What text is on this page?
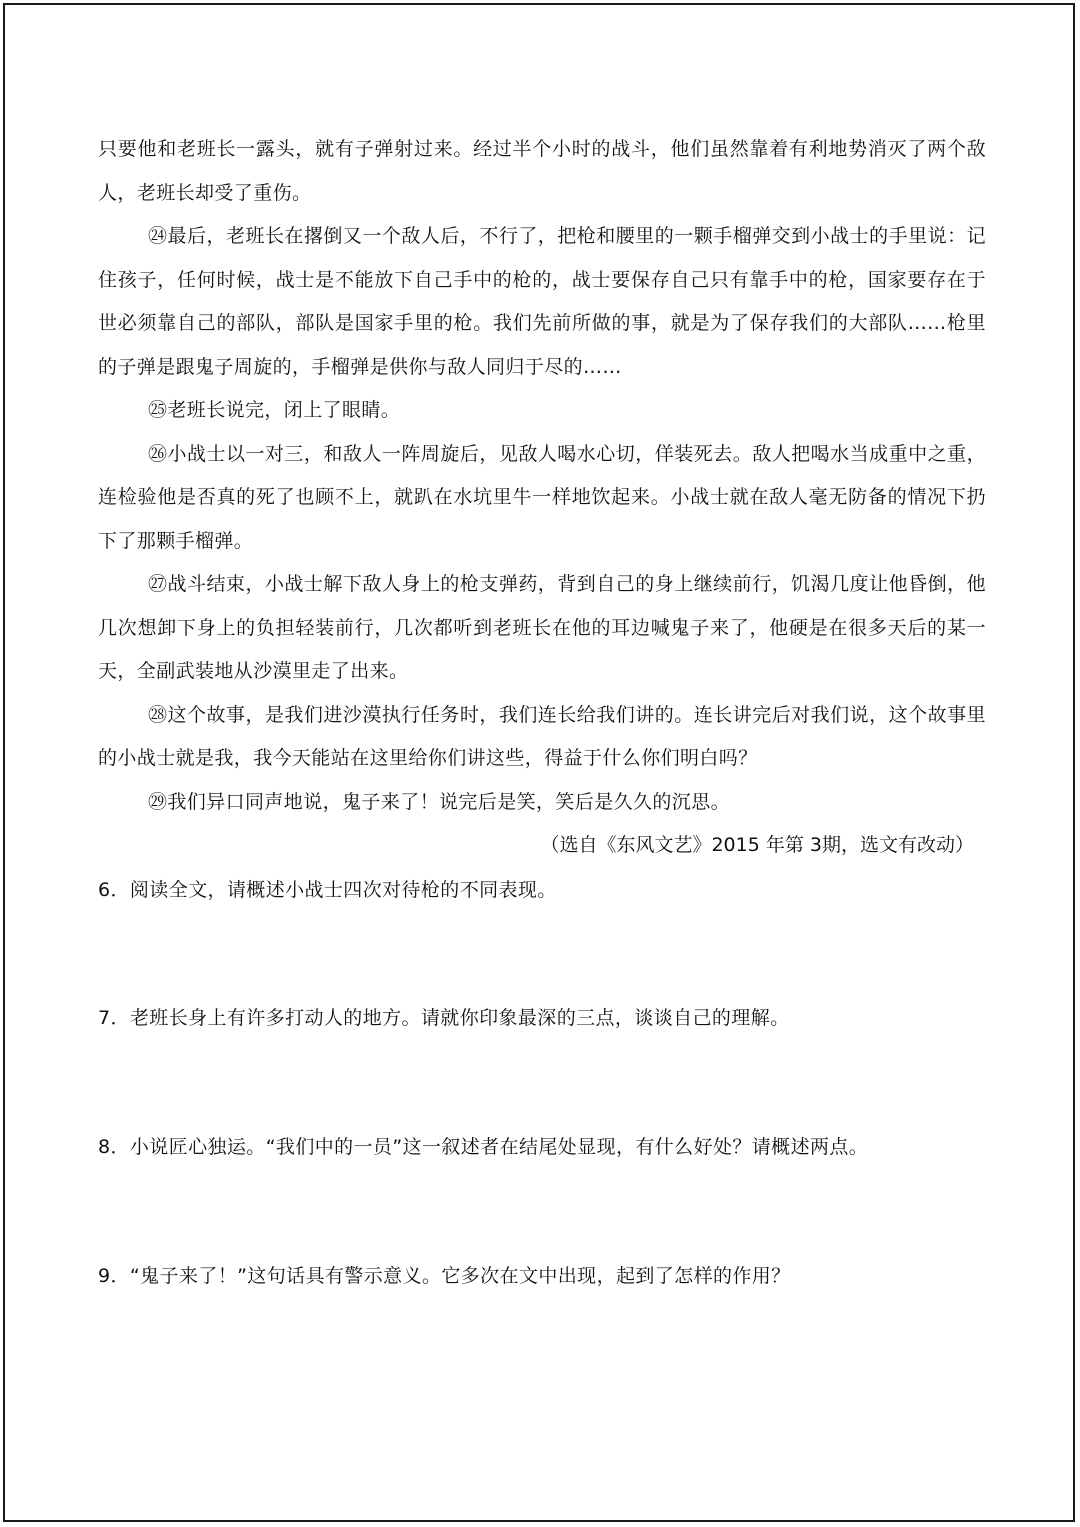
只要他和老班长一露头，就有子弹射过来。经过半个小时的战斗，他们虽然靠着有利地势消灭了两个敌人，老班长却受了重伤。

㉔最后，老班长在撂倒又一个敌人后，不行了，把枪和腰里的一颗手榴弹交到小战士的手里说：记住孩子，任何时候，战士是不能放下自己手中的枪的，战士要保存自己只有靠手中的枪，国家要存在于世必须靠自己的部队，部队是国家手里的枪。我们先前所做的事，就是为了保存我们的大部队……枪里的子弹是跟鬼子周旋的，手榴弹是供你与敌人同归于尽的……

㉕老班长说完，闭上了眼睛。

㉖小战士以一对三，和敌人一阵周旋后，见敌人喝水心切，佯装死去。敌人把喝水当成重中之重，连检验他是否真的死了也顾不上，就趴在水坑里牛一样地饮起来。小战士就在敌人毫无防备的情况下扔下了那颗手榴弹。

㉗战斗结束，小战士解下敌人身上的枪支弹药，背到自己的身上继续前行，饥渴几度让他昏倒，他几次想卸下身上的负担轻装前行，几次都听到老班长在他的耳边喊鬼子来了，他硬是在很多天后的某一天，全副武装地从沙漠里走了出来。

㉘这个故事，是我们进沙漠执行任务时，我们连长给我们讲的。连长讲完后对我们说，这个故事里的小战士就是我，我今天能站在这里给你们讲这些，得益于什么你们明白吗？

㉙我们异口同声地说，鬼子来了！说完后是笑，笑后是久久的沉思。

（选自《东风文艺》2015 年第 3期，选文有改动）

6．阅读全文，请概述小战士四次对待枪的不同表现。

7．老班长身上有许多打动人的地方。请就你印象最深的三点，谈谈自己的理解。

8．小说匠心独运。“我们中的一员”这一叙述者在结尾处显现，有什么好处？请概述两点。

9．“鬼子来了！”这句话具有警示意义。它多次在文中出现，起到了怎样的作用？
